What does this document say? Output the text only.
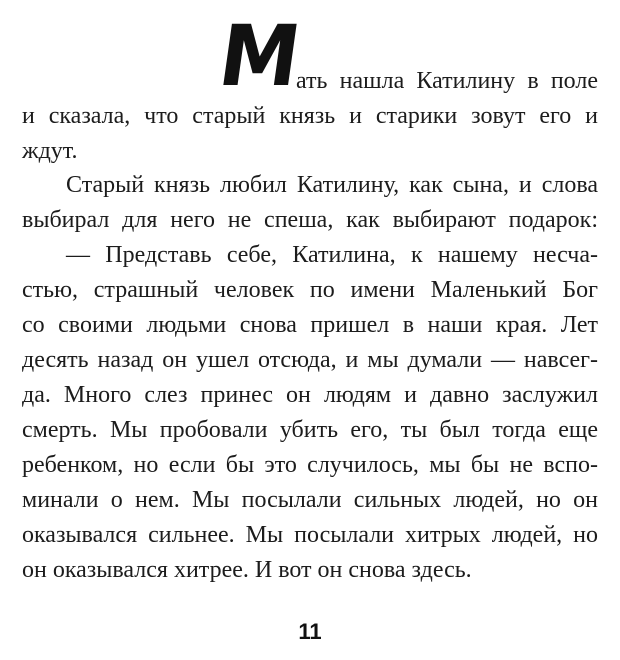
М
ать нашла Катилину в поле
и сказала, что старый князь и старики зовут его и
ждут.
Старый князь любил Катилину, как сына, и слова
выбирал для него не спеша, как выбирают подарок:
— Представь себе, Катилина, к нашему несча-
стью, страшный человек по имени Маленький Бог
со своими людьми снова пришел в наши края. Лет
десять назад он ушел отсюда, и мы думали — навсег-
да. Много слез принес он людям и давно заслужил
смерть. Мы пробовали убить его, ты был тогда еще
ребенком, но если бы это случилось, мы бы не вспо-
минали о нем. Мы посылали сильных людей, но он
оказывался сильнее. Мы посылали хитрых людей, но
он оказывался хитрее. И вот он снова здесь.
11
